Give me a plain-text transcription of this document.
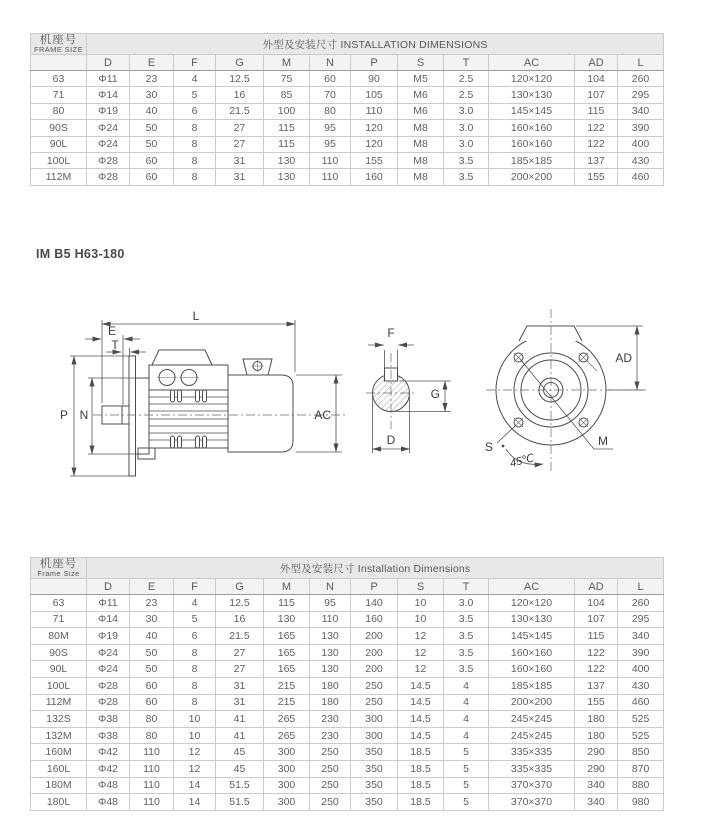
机座号
FRAME SIZE	外型及安装尺寸 INSTALLATION DIMENSIONS											
	D	E	F	G	M	N	P	S	T	AC	AD	L
63	Φ11	23	4	12.5	75	60	90	M5	2.5	120×120	104	260
71	Φ14	30	5	16	85	70	105	M6	2.5	130×130	107	295
80	Φ19	40	6	21.5	100	80	110	M6	3.0	145×145	115	340
90S	Φ24	50	8	27	115	95	120	M8	3.0	160×160	122	390
90L	Φ24	50	8	27	115	95	120	M8	3.0	160×160	122	400
100L	Φ28	60	8	31	130	110	155	M8	3.5	185×185	137	430
112M	Φ28	60	8	31	130	110	160	M8	3.5	200×200	155	460
IM B5 H63-180
L
E
T
P N	AC
F
G
D	M
S
45℃
AD
机座号
Frame Size	外型及安装尺寸 Installation Dimensions											
	D	E	F	G	M	N	P	S	T	AC	AD	L
63	Φ11	23	4	12.5	115	95	140	10	3.0	120×120	104	260
71	Φ14	30	5	16	130	110	160	10	3.5	130×130	107	295
80M	Φ19	40	6	21.5	165	130	200	12	3.5	145×145	115	340
90S	Φ24	50	8	27	165	130	200	12	3.5	160×160	122	390
90L	Φ24	50	8	27	165	130	200	12	3.5	160×160	122	400
100L	Φ28	60	8	31	215	180	250	14.5	4	185×185	137	430
112M	Φ28	60	8	31	215	180	250	14.5	4	200×200	155	460
132S	Φ38	80	10	41	265	230	300	14.5	4	245×245	180	525
132M	Φ38	80	10	41	265	230	300	14.5	4	245×245	180	525
160M	Φ42	110	12	45	300	250	350	18.5	5	335×335	290	850
160L	Φ42	110	12	45	300	250	350	18.5	5	335×335	290	870
180M	Φ48	110	14	51.5	300	250	350	18.5	5	370×370	340	880
180L	Φ48	110	14	51.5	300	250	350	18.5	5	370×370	340	980
